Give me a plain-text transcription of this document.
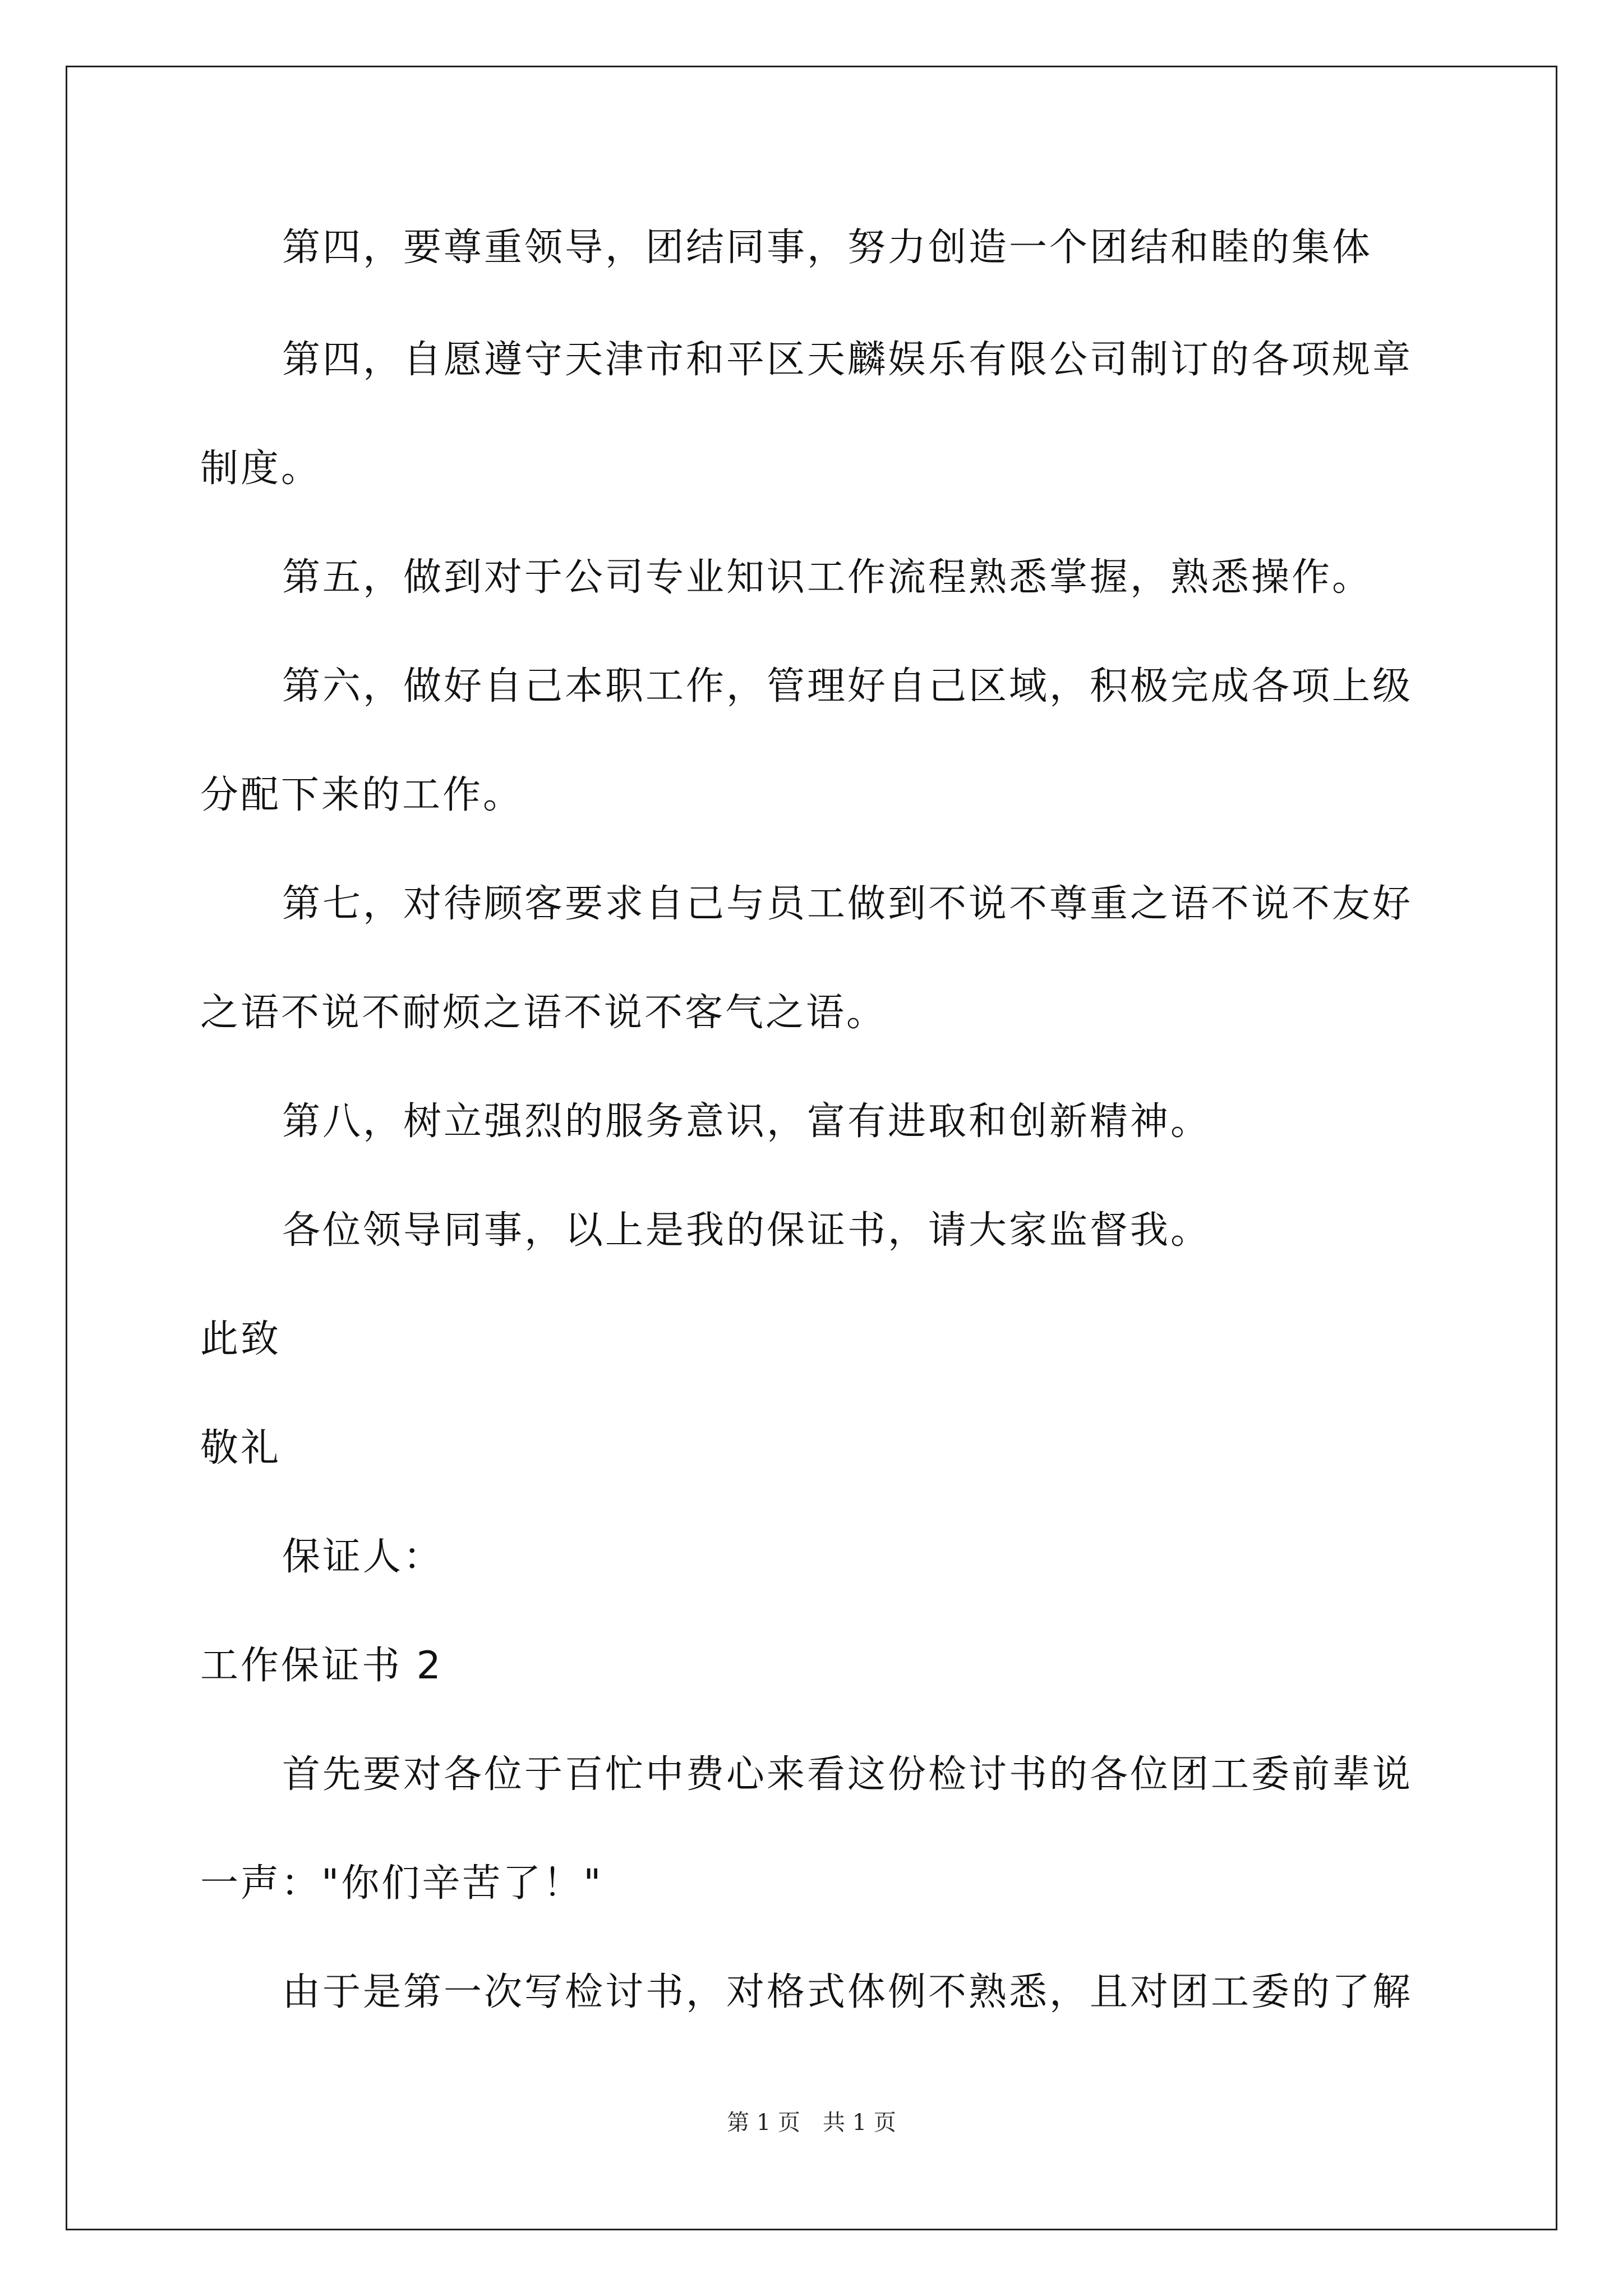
第四，要尊重领导，团结同事，努力创造一个团结和睦的集体
第四，自愿遵守天津市和平区天麟娱乐有限公司制订的各项规章
制度。
第五，做到对于公司专业知识工作流程熟悉掌握，熟悉操作。
第六，做好自己本职工作，管理好自己区域，积极完成各项上级
分配下来的工作。
第七，对待顾客要求自己与员工做到不说不尊重之语不说不友好
之语不说不耐烦之语不说不客气之语。
第八，树立强烈的服务意识，富有进取和创新精神。
各位领导同事，以上是我的保证书，请大家监督我。
此致
敬礼
保证人：
工作保证书 2
首先要对各位于百忙中费心来看这份检讨书的各位团工委前辈说
一声："你们辛苦了！"
由于是第一次写检讨书，对格式体例不熟悉，且对团工委的了解
第 1 页 共 1 页
